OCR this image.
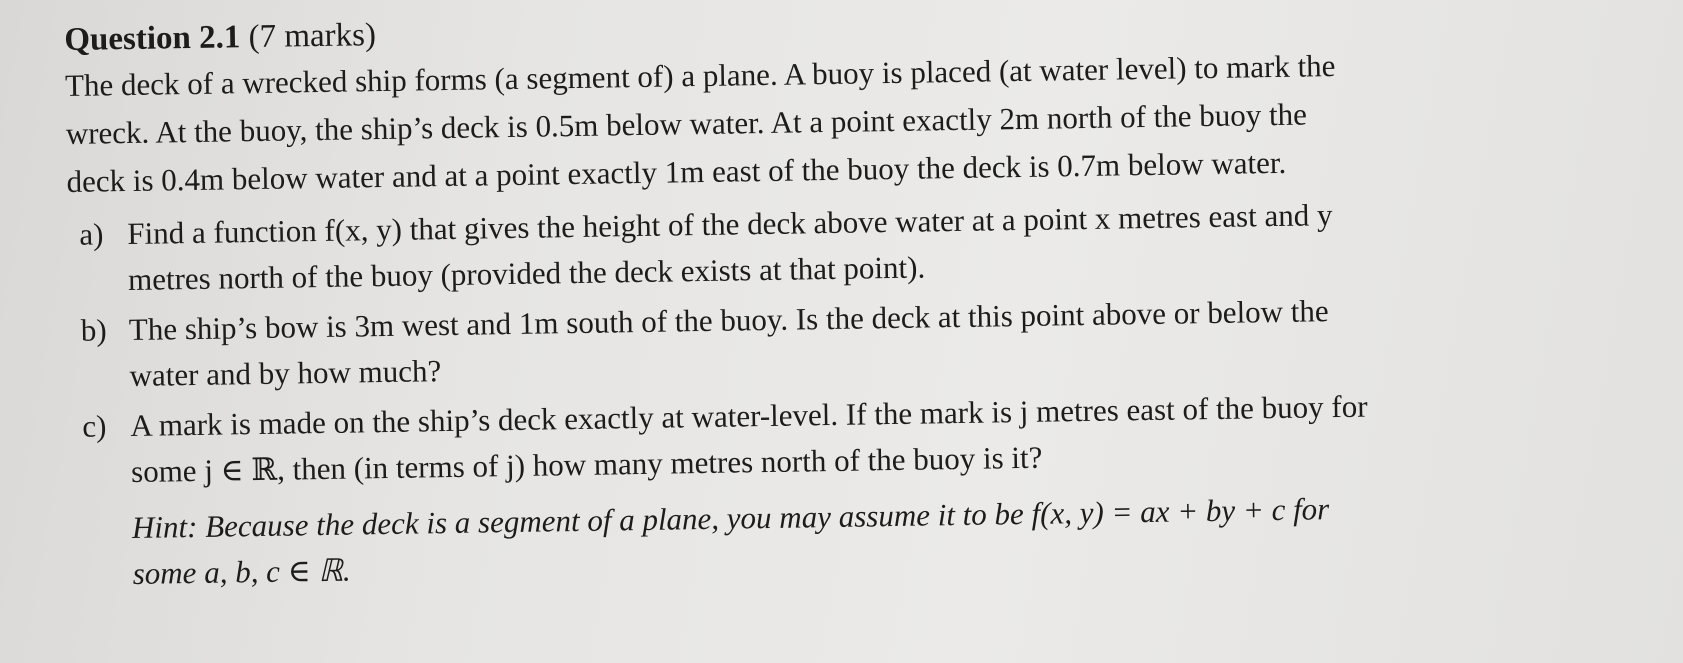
Question 2.1 (7 marks)

The deck of a wrecked ship forms (a segment of) a plane. A buoy is placed (at water level) to mark the
wreck. At the buoy, the ship’s deck is 0.5m below water. At a point exactly 2m north of the buoy the
deck is 0.4m below water and at a point exactly 1m east of the buoy the deck is 0.7m below water.

a) Find a function f(x, y) that gives the height of the deck above water at a point x metres east and y
metres north of the buoy (provided the deck exists at that point).
b) The ship’s bow is 3m west and 1m south of the buoy. Is the deck at this point above or below the
water and by how much?
c) A mark is made on the ship’s deck exactly at water-level. If the mark is j metres east of the buoy for
some j ∈ ℝ, then (in terms of j) how many metres north of the buoy is it?
Hint: Because the deck is a segment of a plane, you may assume it to be f(x, y) = ax + by + c for
some a, b, c ∈ ℝ.
